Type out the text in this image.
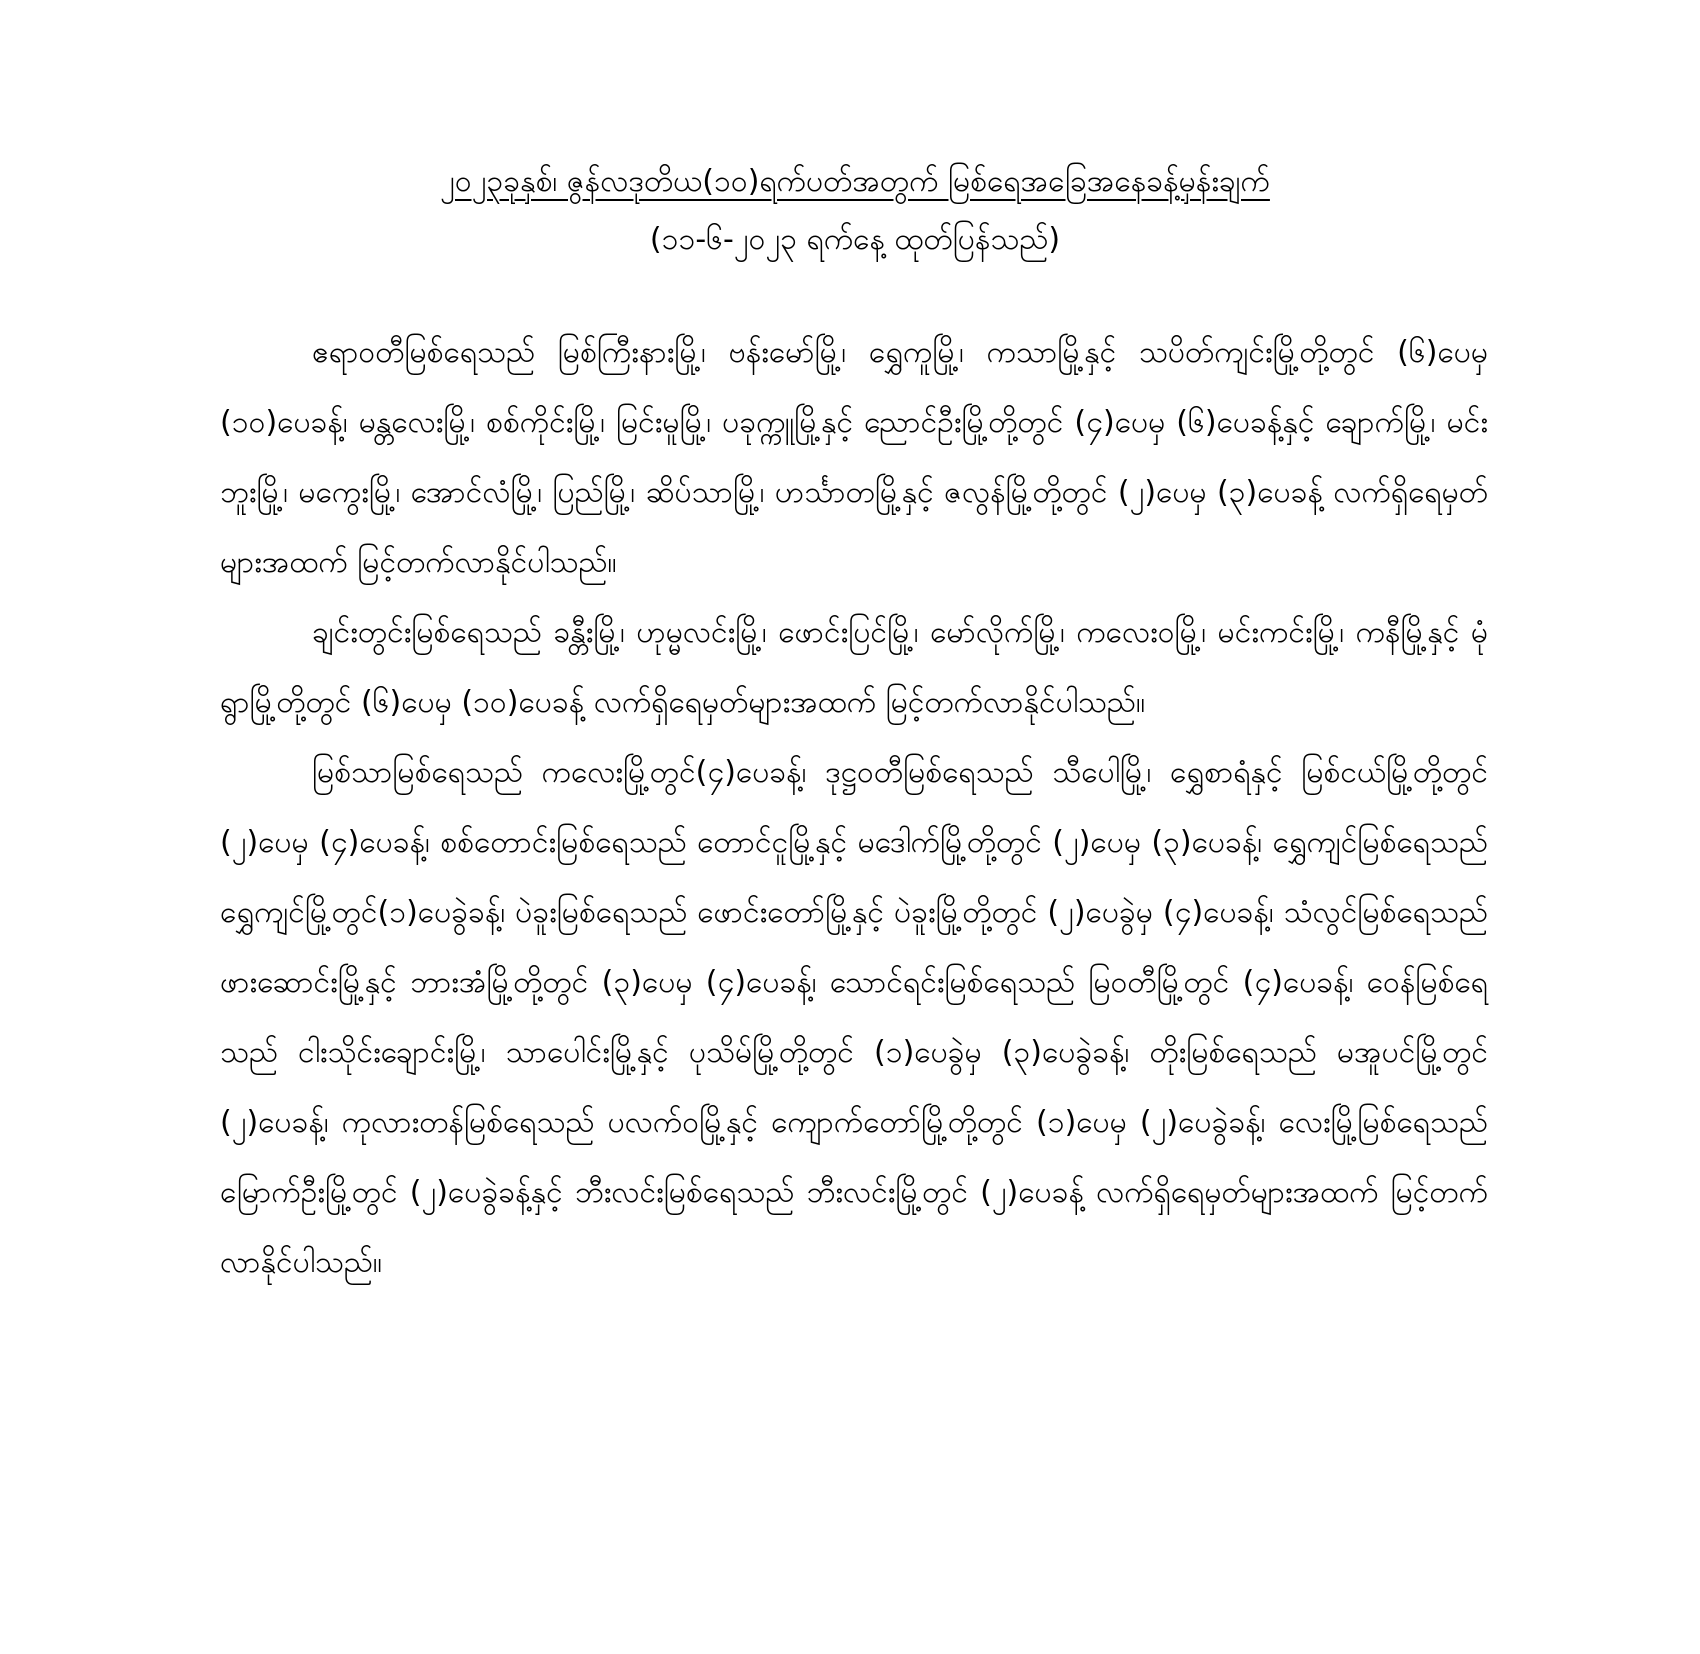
၂၀၂၃ခုနှစ်၊ ဇွန်လဒုတိယ(၁၀)ရက်ပတ်အတွက် မြစ်ရေအခြေအနေခန့်မှန်းချက်
(၁၁-၆-၂၀၂၃ ရက်နေ့ ထုတ်ပြန်သည်)

ဧရာဝတီမြစ်ရေသည် မြစ်ကြီးနားမြို့၊ ဗန်းမော်မြို့၊ ရွှေကူမြို့၊ ကသာမြို့နှင့် သပိတ်ကျင်းမြို့တို့တွင် (၆)ပေမှ (၁၀)ပေခန့်၊ မန္တလေးမြို့၊ စစ်ကိုင်းမြို့၊ မြင်းမူမြို့၊ ပခုက္ကူမြို့နှင့် ညောင်ဦးမြို့တို့တွင် (၄)ပေမှ (၆)ပေခန့်နှင့် ချောက်မြို့၊ မင်းဘူးမြို့၊ မကွေးမြို့၊ အောင်လံမြို့၊ ပြည်မြို့၊ ဆိပ်သာမြို့၊ ဟင်္သာတမြို့နှင့် ဇလွန်မြို့တို့တွင် (၂)ပေမှ (၃)ပေခန့် လက်ရှိရေမှတ်များအထက် မြင့်တက်လာနိုင်ပါသည်။

ချင်းတွင်းမြစ်ရေသည် ခန္တီးမြို့၊ ဟုမ္မလင်းမြို့၊ ဖောင်းပြင်မြို့၊ မော်လိုက်မြို့၊ ကလေးဝမြို့၊ မင်းကင်းမြို့၊ ကနီမြို့နှင့် မုံရွာမြို့တို့တွင် (၆)ပေမှ (၁၀)ပေခန့် လက်ရှိရေမှတ်များအထက် မြင့်တက်လာနိုင်ပါသည်။

မြစ်သာမြစ်ရေသည် ကလေးမြို့တွင်(၄)ပေခန့်၊ ဒုဋ္ဌဝတီမြစ်ရေသည် သီပေါမြို့၊ ရွှေစာရံနှင့် မြစ်ငယ်မြို့တို့တွင် (၂)ပေမှ (၄)ပေခန့်၊ စစ်တောင်းမြစ်ရေသည် တောင်ငူမြို့နှင့် မဒေါက်မြို့တို့တွင် (၂)ပေမှ (၃)ပေခန့်၊ ရွှေကျင်မြစ်ရေသည် ရွှေကျင်မြို့တွင်(၁)ပေခွဲခန့်၊ ပဲခူးမြစ်ရေသည် ဖောင်းတော်မြို့နှင့် ပဲခူးမြို့တို့တွင် (၂)ပေခွဲမှ (၄)ပေခန့်၊ သံလွင်မြစ်ရေသည် ဖားဆောင်းမြို့နှင့် ဘားအံမြို့တို့တွင် (၃)ပေမှ (၄)ပေခန့်၊ သောင်ရင်းမြစ်ရေသည် မြဝတီမြို့တွင် (၄)ပေခန့်၊ ဝေန်မြစ်ရေသည် ငါးသိုင်းချောင်းမြို့၊ သာပေါင်းမြို့နှင့် ပုသိမ်မြို့တို့တွင် (၁)ပေခွဲမှ (၃)ပေခွဲခန့်၊ တိုးမြစ်ရေသည် မအူပင်မြို့တွင် (၂)ပေခန့်၊ ကုလားတန်မြစ်ရေသည် ပလက်ဝမြို့နှင့် ကျောက်တော်မြို့တို့တွင် (၁)ပေမှ (၂)ပေခွဲခန့်၊ လေးမြို့မြစ်ရေသည် မြောက်ဦးမြို့တွင် (၂)ပေခွဲခန့်နှင့် ဘီးလင်းမြစ်ရေသည် ဘီးလင်းမြို့တွင် (၂)ပေခန့် လက်ရှိရေမှတ်များအထက် မြင့်တက်လာနိုင်ပါသည်။
